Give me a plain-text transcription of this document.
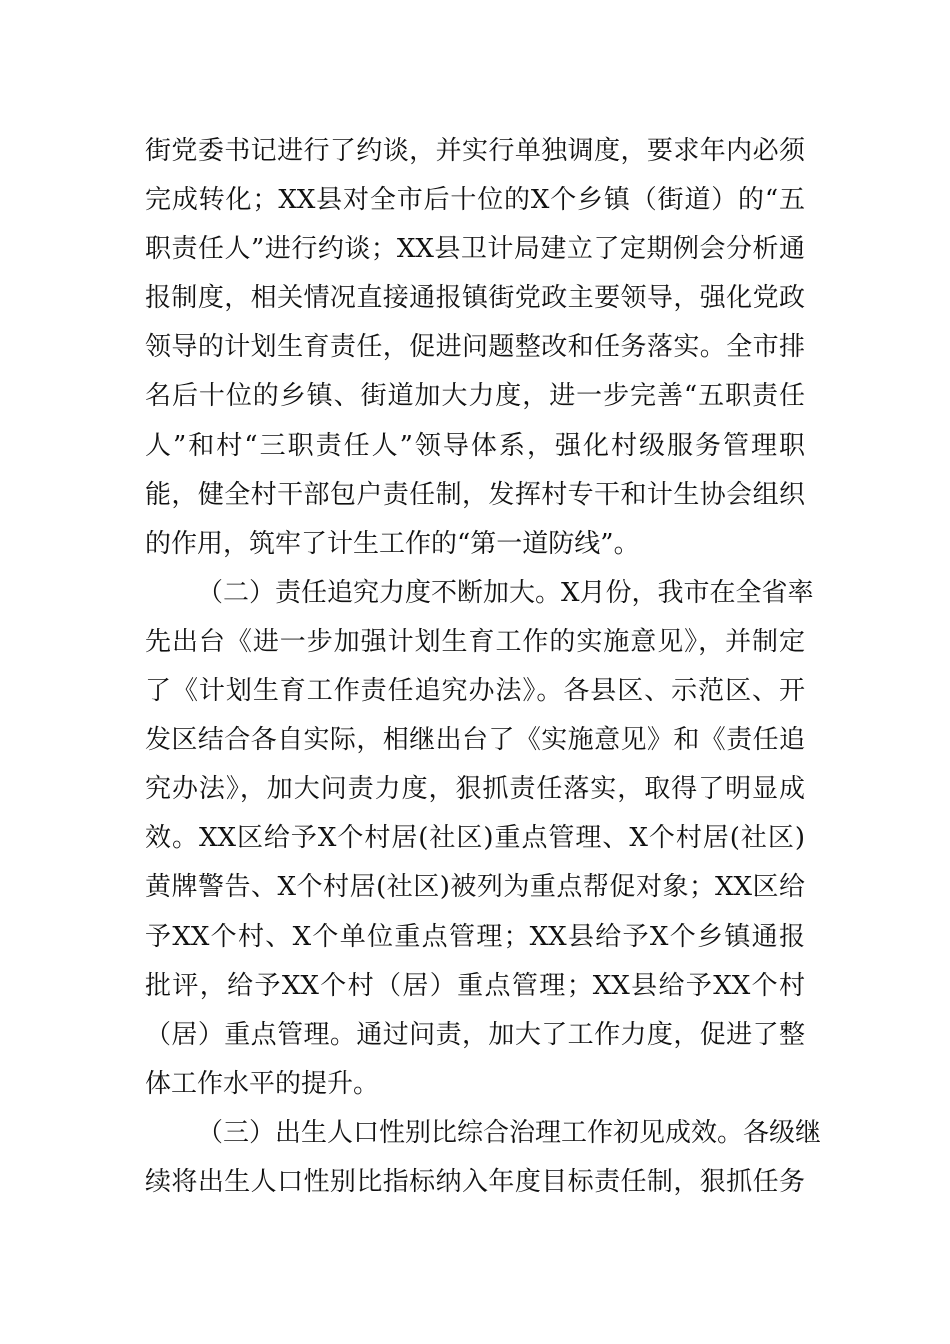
街党委书记进行了约谈，并实行单独调度，要求年内必须
完成转化；XX县对全市后十位的X个乡镇（街道）的“五
职责任人”进行约谈；XX县卫计局建立了定期例会分析通
报制度，相关情况直接通报镇街党政主要领导，强化党政
领导的计划生育责任，促进问题整改和任务落实。全市排
名后十位的乡镇、街道加大力度，进一步完善“五职责任
人”和村“三职责任人”领导体系，强化村级服务管理职
能，健全村干部包户责任制，发挥村专干和计生协会组织
的作用，筑牢了计生工作的“第一道防线”。
（二）责任追究力度不断加大。X月份，我市在全省率
先出台《进一步加强计划生育工作的实施意见》，并制定
了《计划生育工作责任追究办法》。各县区、示范区、开
发区结合各自实际，相继出台了《实施意见》和《责任追
究办法》，加大问责力度，狠抓责任落实，取得了明显成
效。XX区给予X个村居(社区)重点管理、X个村居(社区)
黄牌警告、X个村居(社区)被列为重点帮促对象；XX区给
予XX个村、X个单位重点管理；XX县给予X个乡镇通报
批评，给予XX个村（居）重点管理；XX县给予XX个村
（居）重点管理。通过问责，加大了工作力度，促进了整
体工作水平的提升。
（三）出生人口性别比综合治理工作初见成效。各级继
续将出生人口性别比指标纳入年度目标责任制，狠抓任务
